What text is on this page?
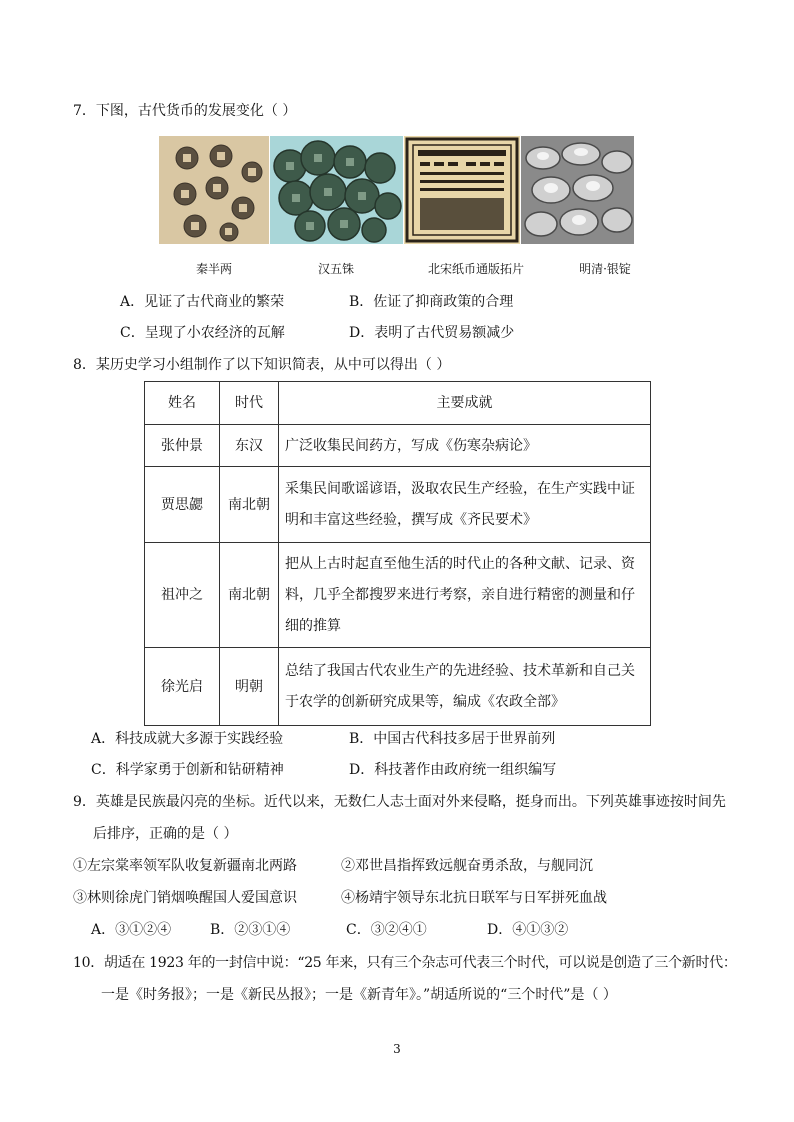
7．下图，古代货币的发展变化（ ）
秦半两	汉五铢	北宋纸币通版拓片	明清·银锭
A．见证了古代商业的繁荣	B．佐证了抑商政策的合理
C．呈现了小农经济的瓦解	D．表明了古代贸易额减少
8．某历史学习小组制作了以下知识简表，从中可以得出（ ）
姓名	时代	主要成就
张仲景	东汉	广泛收集民间药方，写成《伤寒杂病论》

贾思勰	南北朝	采集民间歌谣谚语，汲取农民生产经验，在生产实践中证
明和丰富这些经验，撰写成《齐民要术》

祖冲之	南北朝	把从上古时起直至他生活的时代止的各种文献、记录、资
料，几乎全都搜罗来进行考察，亲自进行精密的测量和仔
细的推算

徐光启	明朝	总结了我国古代农业生产的先进经验、技术革新和自己关
于农学的创新研究成果等，编成《农政全部》
A．科技成就大多源于实践经验	B．中国古代科技多居于世界前列
C．科学家勇于创新和钻研精神	D．科技著作由政府统一组织编写
9．英雄是民族最闪亮的坐标。近代以来，无数仁人志士面对外来侵略，挺身而出。下列英雄事迹按时间先
后排序，正确的是（ ）
①左宗棠率领军队收复新疆南北两路	②邓世昌指挥致远舰奋勇杀敌，与舰同沉
③林则徐虎门销烟唤醒国人爱国意识	④杨靖宇领导东北抗日联军与日军拼死血战
A．③①②④	B．②③①④	C．③②④①	D．④①③②
10．胡适在 1923 年的一封信中说：“25 年来，只有三个杂志可代表三个时代，可以说是创造了三个新时代：
一是《时务报》；一是《新民丛报》；一是《新青年》。”胡适所说的“三个时代”是（ ）
3
